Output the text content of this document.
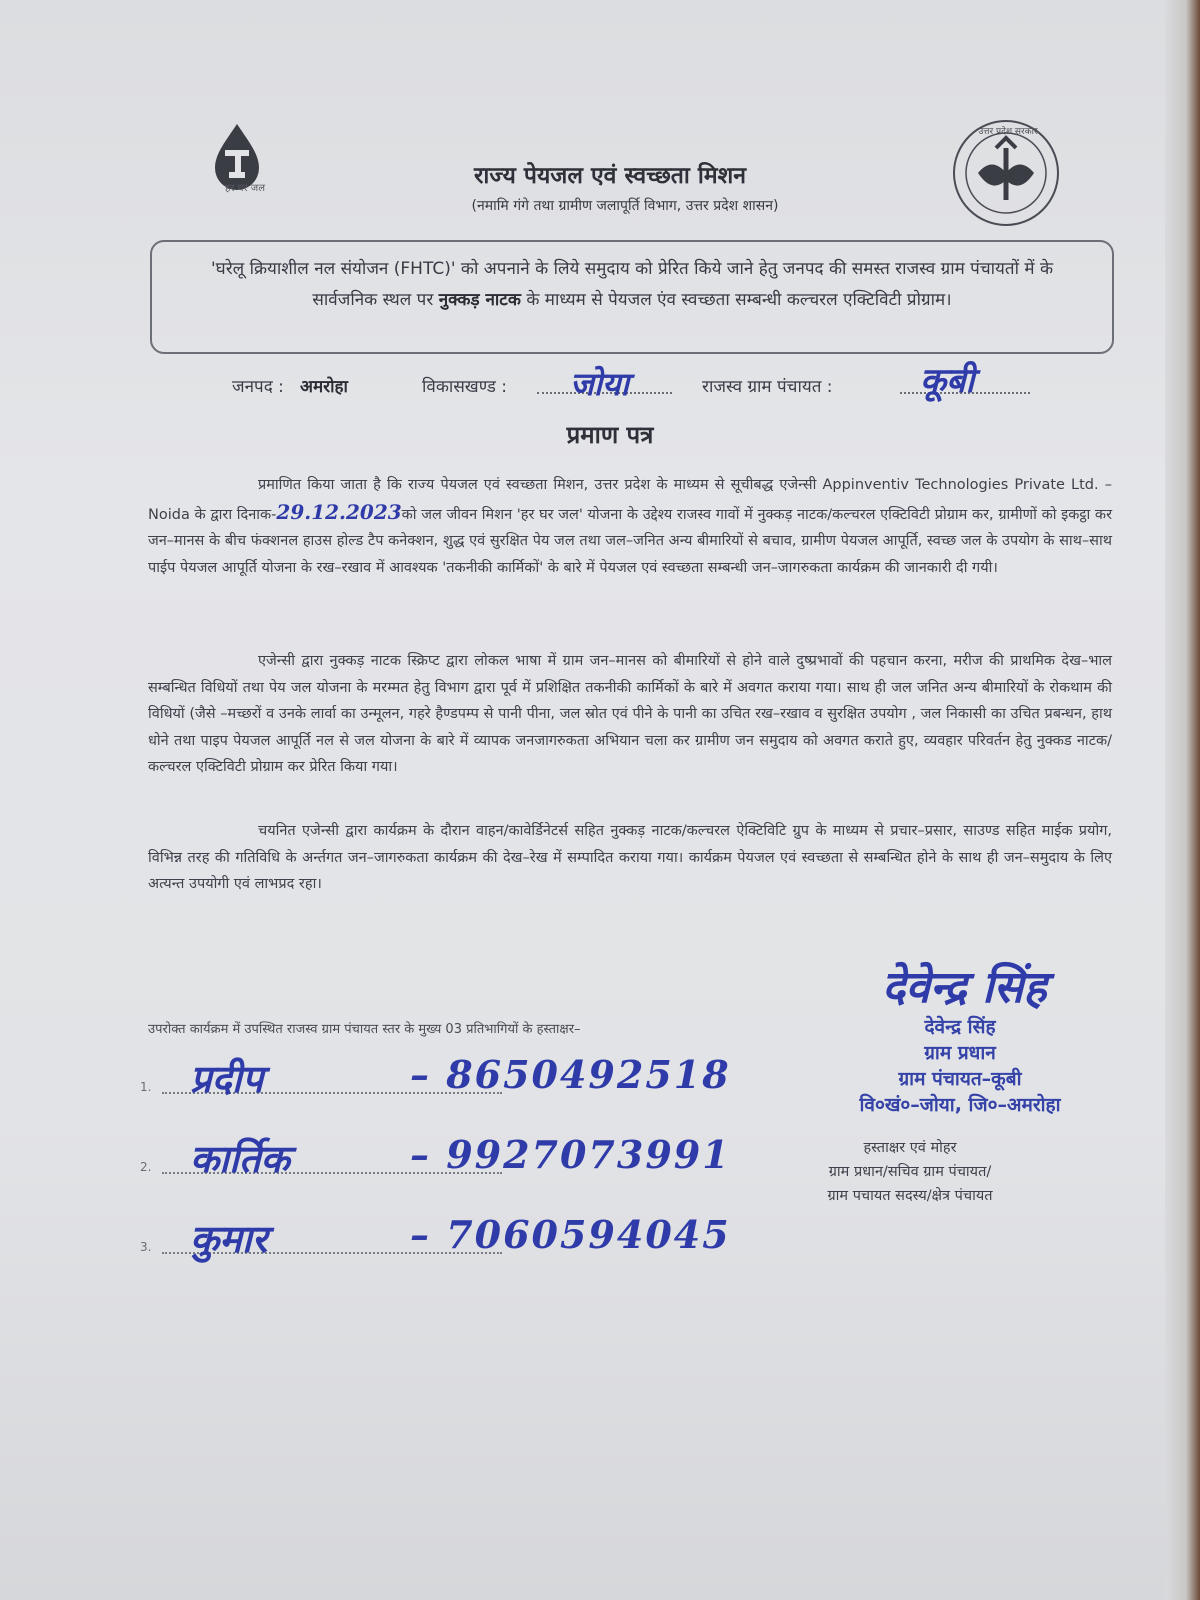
हर घर जल
उत्तर प्रदेश सरकार
राज्य पेयजल एवं स्वच्छता मिशन
(नमामि गंगे तथा ग्रामीण जलापूर्ति विभाग, उत्तर प्रदेश शासन)
'घरेलू क्रियाशील नल संयोजन (FHTC)' को अपनाने के लिये समुदाय को प्रेरित किये जाने हेतु जनपद की समस्त राजस्व ग्राम पंचायतों में के सार्वजनिक स्थल पर नुक्कड़ नाटक के माध्यम से पेयजल एंव स्वच्छता सम्बन्धी कल्चरल एक्टिविटी प्रोग्राम।
जनपद : अमरोहा	विकासखण्ड : जोया	राजस्व ग्राम पंचायत :	कूबी
प्रमाण पत्र
प्रमाणित किया जाता है कि राज्य पेयजल एवं स्वच्छता मिशन, उत्तर प्रदेश के माध्यम से सूचीबद्ध एजेन्सी Appinventiv Technologies Private Ltd. – Noida के द्वारा दिनाक-29.12.2023को जल जीवन मिशन 'हर घर जल' योजना के उद्देश्य राजस्व गावों में नुक्कड़ नाटक/कल्चरल एक्टिविटी प्रोग्राम कर, ग्रामीणों को इकट्ठा कर जन–मानस के बीच फंक्शनल हाउस होल्ड टैप कनेक्शन, शुद्ध एवं सुरक्षित पेय जल तथा जल–जनित अन्य बीमारियों से बचाव, ग्रामीण पेयजल आपूर्ति, स्वच्छ जल के उपयोग के साथ–साथ पाईप पेयजल आपूर्ति योजना के रख–रखाव में आवश्यक 'तकनीकी कार्मिकों' के बारे में पेयजल एवं स्वच्छता सम्बन्धी जन–जागरुकता कार्यक्रम की जानकारी दी गयी।
एजेन्सी द्वारा नुक्कड़ नाटक स्क्रिप्ट द्वारा लोकल भाषा में ग्राम जन–मानस को बीमारियों से होने वाले दुष्प्रभावों की पहचान करना, मरीज की प्राथमिक देख–भाल सम्बन्धित विधियों तथा पेय जल योजना के मरम्मत हेतु विभाग द्वारा पूर्व में प्रशिक्षित तकनीकी कार्मिकों के बारे में अवगत कराया गया। साथ ही जल जनित अन्य बीमारियों के रोकथाम की विधियों (जैसे –मच्छरों व उनके लार्वा का उन्मूलन, गहरे हैण्डपम्प से पानी पीना, जल स्रोत एवं पीने के पानी का उचित रख–रखाव व सुरक्षित उपयोग , जल निकासी का उचित प्रबन्धन, हाथ धोने तथा पाइप पेयजल आपूर्ति नल से जल योजना के बारे में व्यापक जनजागरुकता अभियान चला कर ग्रामीण जन समुदाय को अवगत कराते हुए, व्यवहार परिवर्तन हेतु नुक्कड नाटक/कल्चरल एक्टिविटी प्रोग्राम कर प्रेरित किया गया।
चयनित एजेन्सी द्वारा कार्यक्रम के दौरान वाहन/कावेर्डिनेटर्स सहित नुक्कड़ नाटक/कल्चरल ऐक्टिविटि ग्रुप के माध्यम से प्रचार–प्रसार, साउण्ड सहित माईक प्रयोग, विभिन्न तरह की गतिविधि के अर्न्तगत जन–जागरुकता कार्यक्रम की देख–रेख में सम्पादित कराया गया। कार्यक्रम पेयजल एवं स्वच्छता से सम्बन्धित होने के साथ ही जन–समुदाय के लिए अत्यन्त उपयोगी एवं लाभप्रद रहा।
उपरोक्त कार्यक्रम में उपस्थित राजस्व ग्राम पंचायत स्तर के मुख्य 03 प्रतिभागियों के हस्ताक्षर–
1. प्रदीप	– 8650492518
2. कार्तिक	– 9927073991
3. कुमार	– 7060594045
देवेन्द्र सिंह
देवेन्द्र सिंह
ग्राम प्रधान
ग्राम पंचायत–कूबी
वि०खं०–जोया, जि०–अमरोहा
हस्ताक्षर एवं मोहर
ग्राम प्रधान/सचिव ग्राम पंचायत/
ग्राम पचायत सदस्य/क्षेत्र पंचायत
